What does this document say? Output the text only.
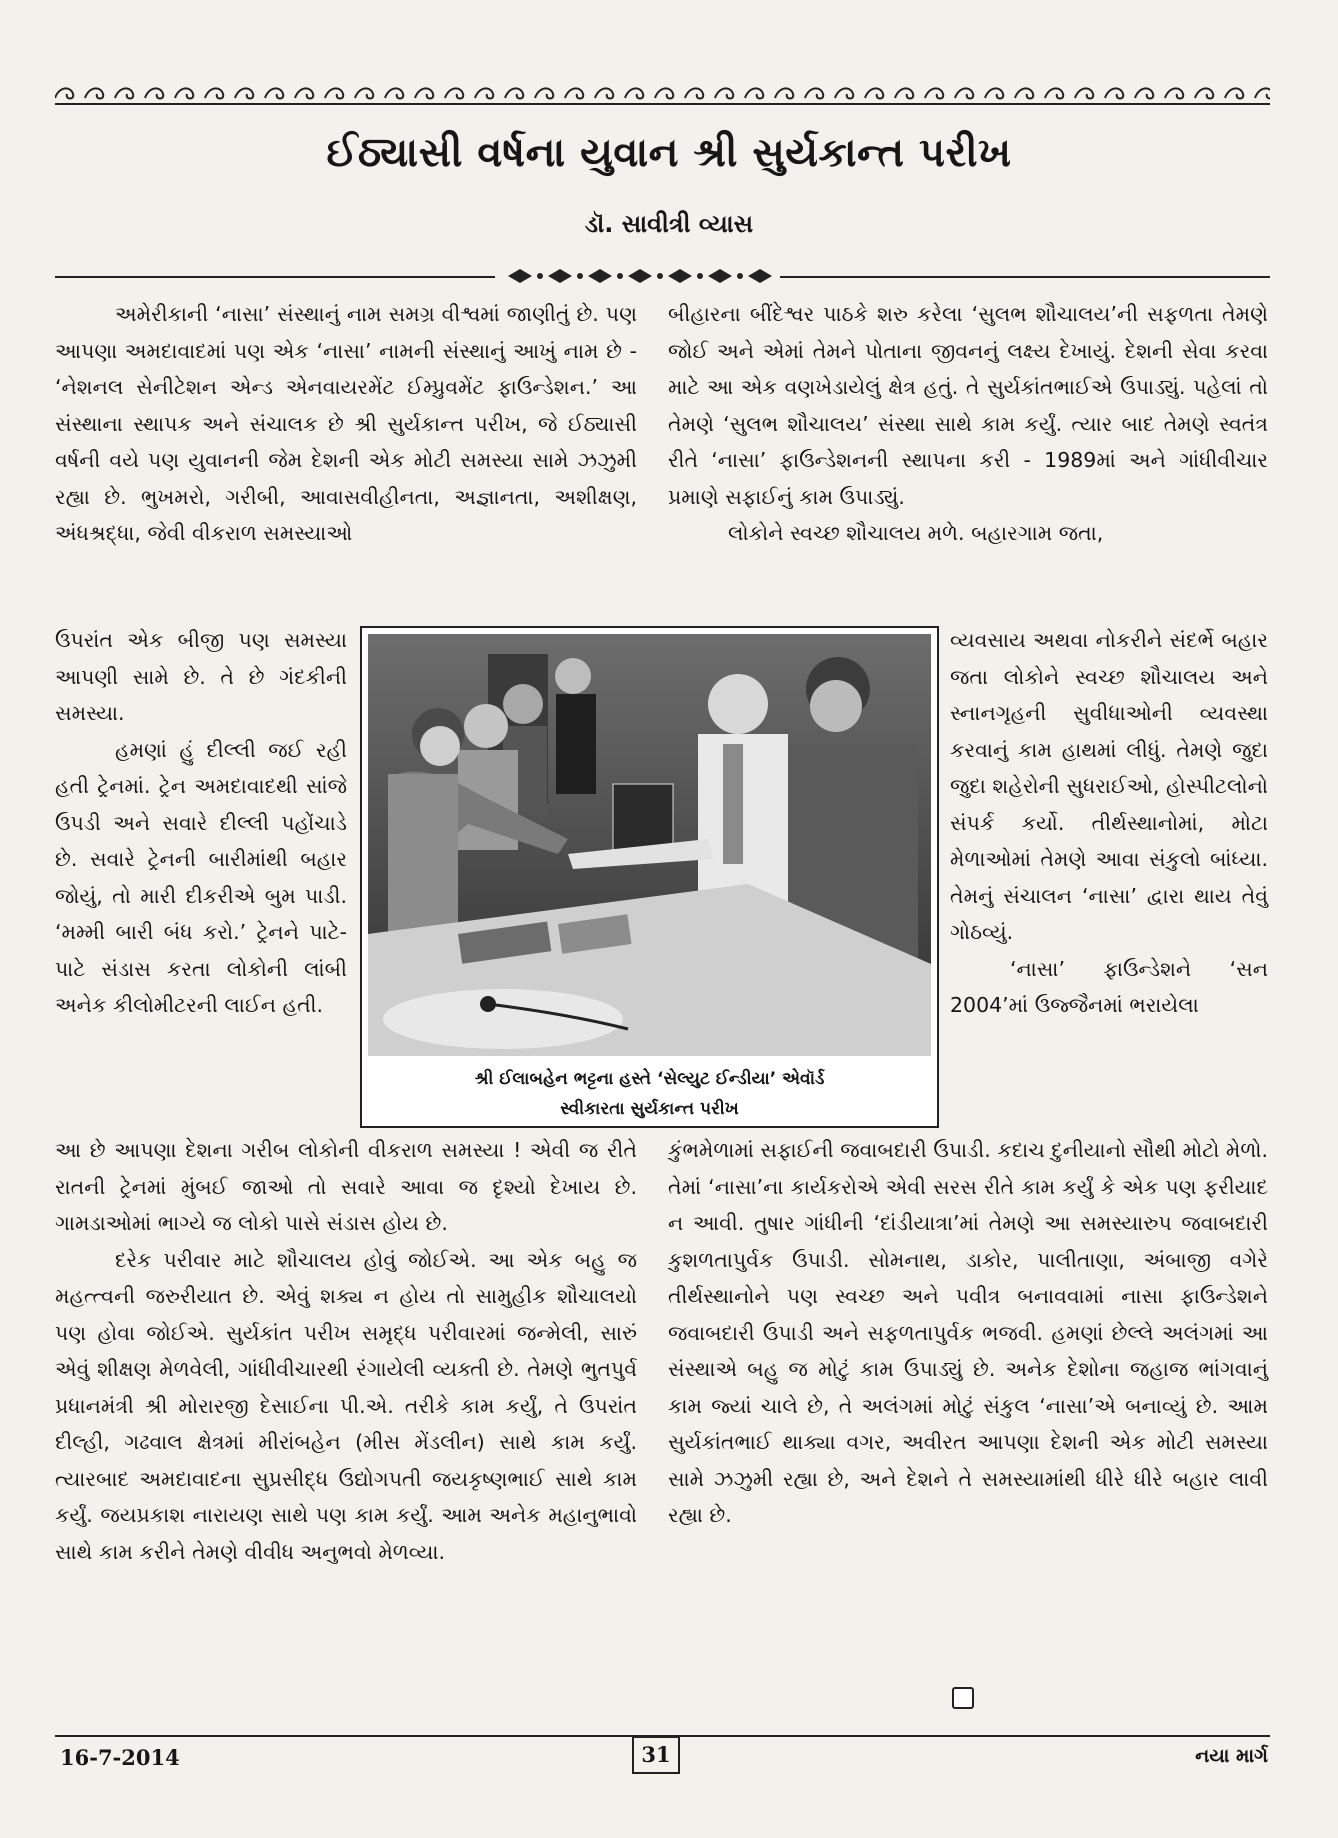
ઈઠ્યાસી વર્ષના યુવાન શ્રી સુર્યકાન્ત પરીખ
ડૉ. સાવીત્રી વ્યાસ

અમેરીકાની ‘નાસા’ સંસ્થાનું નામ સમગ્ર વીશ્વમાં જાણીતું છે. પણ આપણા અમદાવાદમાં પણ એક ‘નાસા’ નામની સંસ્થાનું આખું નામ છે - ‘નેશનલ સેનીટેશન એન્ડ એનવાયરમેંટ ઈમ્પ્રુવમેંટ ફાઉન્ડેશન.’ આ સંસ્થાના સ્થાપક અને સંચાલક છે શ્રી સુર્યકાન્ત પરીખ, જે ઈઠ્યાસી વર્ષની વયે પણ યુવાનની જેમ દેશની એક મોટી સમસ્યા સામે ઝઝુમી રહ્યા છે. ભુખમરો, ગરીબી, આવાસવીહીનતા, અજ્ઞાનતા, અશીક્ષણ, અંધશ્રદ્ધા, જેવી વીકરાળ સમસ્યાઓ

ઉપરાંત એક બીજી પણ સમસ્યા આપણી સામે છે. તે છે ગંદકીની સમસ્યા.

હમણાં હું દીલ્લી જઈ રહી હતી ટ્રેનમાં. ટ્રેન અમદાવાદથી સાંજે ઉપડી અને સવારે દીલ્લી પહોંચાડે છે. સવારે ટ્રેનની બારીમાંથી બહાર જોયું, તો મારી દીકરીએ બુમ પાડી. ‘મમ્મી બારી બંધ કરો.’ ટ્રેનને પાટે-પાટે સંડાસ કરતા લોકોની લાંબી અનેક કીલોમીટરની લાઈન હતી.

આ છે આપણા દેશના ગરીબ લોકોની વીકરાળ સમસ્યા ! એવી જ રીતે રાતની ટ્રેનમાં મુંબઈ જાઓ તો સવારે આવા જ દૃશ્યો દેખાય છે. ગામડાઓમાં ભાગ્યે જ લોકો પાસે સંડાસ હોય છે.

દરેક પરીવાર માટે શૌચાલય હોવું જોઈએ. આ એક બહુ જ મહત્ત્વની જરુરીયાત છે. એવું શક્ય ન હોય તો સામુહીક શૌચાલયો પણ હોવા જોઈએ. સુર્યકાંત પરીખ સમૃદ્ધ પરીવારમાં જન્મેલી, સારું એવું શીક્ષણ મેળવેલી, ગાંધીવીચારથી રંગાયેલી વ્યક્તી છે. તેમણે ભુતપુર્વ પ્રધાનમંત્રી શ્રી મોરારજી દેસાઈના પી.એ. તરીકે કામ કર્યું, તે ઉપરાંત દીલ્હી, ગઢવાલ ક્ષેત્રમાં મીરાંબહેન (મીસ મેંડલીન) સાથે કામ કર્યું. ત્યારબાદ અમદાવાદના સુપ્રસીદ્ધ ઉદ્યોગપતી જયકૃષ્ણભાઈ સાથે કામ કર્યું. જયપ્રકાશ નારાયણ સાથે પણ કામ કર્યું. આમ અનેક મહાનુભાવો સાથે કામ કરીને તેમણે વીવીધ અનુભવો મેળવ્યા.

બીહારના બીંદેશ્વર પાઠકે શરુ કરેલા ‘સુલભ શૌચાલય’ની સફળતા તેમણે જોઈ અને એમાં તેમને પોતાના જીવનનું લક્ષ્ય દેખાયું. દેશની સેવા કરવા માટે આ એક વણખેડાયેલું ક્ષેત્ર હતું. તે સુર્યકાંતભાઈએ ઉપાડ્યું. પહેલાં તો તેમણે ‘સુલભ શૌચાલય’ સંસ્થા સાથે કામ કર્યું. ત્યાર બાદ તેમણે સ્વતંત્ર રીતે ‘નાસા’ ફાઉન્ડેશનની સ્થાપના કરી - 1989માં અને ગાંધીવીચાર પ્રમાણે સફાઈનું કામ ઉપાડ્યું.

લોકોને સ્વચ્છ શૌચાલય મળે. બહારગામ જતા,

વ્યવસાય અથવા નોકરીને સંદર્ભે બહાર જતા લોકોને સ્વચ્છ શૌચાલય અને સ્નાનગૃહની સુવીધાઓની વ્યવસ્થા કરવાનું કામ હાથમાં લીધું. તેમણે જુદા જુદા શહેરોની સુધરાઈઓ, હોસ્પીટલોનો સંપર્ક કર્યો. તીર્થસ્થાનોમાં, મોટા મેળાઓમાં તેમણે આવા સંકુલો બાંધ્યા. તેમનું સંચાલન ‘નાસા’ દ્વારા થાય તેવું ગોઠવ્યું.

‘નાસા’ ફાઉન્ડેશને ‘સન 2004’માં ઉજ્જૈનમાં ભરાયેલા

કુંભમેળામાં સફાઈની જવાબદારી ઉપાડી. કદાચ દુનીયાનો સૌથી મોટો મેળો. તેમાં ‘નાસા’ના કાર્યકરોએ એવી સરસ રીતે કામ કર્યું કે એક પણ ફરીયાદ ન આવી. તુષાર ગાંધીની ‘દાંડીયાત્રા’માં તેમણે આ સમસ્યારુપ જવાબદારી કુશળતાપુર્વક ઉપાડી. સોમનાથ, ડાકોર, પાલીતાણા, અંબાજી વગેરે તીર્થસ્થાનોને પણ સ્વચ્છ અને પવીત્ર બનાવવામાં નાસા ફાઉન્ડેશને જવાબદારી ઉપાડી અને સફળતાપુર્વક ભજવી. હમણાં છેલ્લે અલંગમાં આ સંસ્થાએ બહુ જ મોટું કામ ઉપાડ્યું છે. અનેક દેશોના જહાજ ભાંગવાનું કામ જ્યાં ચાલે છે, તે અલંગમાં મોટું સંકુલ ‘નાસા’એ બનાવ્યું છે. આમ સુર્યકાંતભાઈ થાક્યા વગર, અવીરત આપણા દેશની એક મોટી સમસ્યા સામે ઝઝુમી રહ્યા છે, અને દેશને તે સમસ્યામાંથી ધીરે ધીરે બહાર લાવી રહ્યા છે.

શ્રી ઈલાબહેન ભટ્ટના હસ્તે ‘સેલ્યુટ ઈન્ડીયા’ એવૉર્ડ
સ્વીકારતા સુર્યકાન્ત પરીખ
16-7-2014	31	નયા માર્ગ
